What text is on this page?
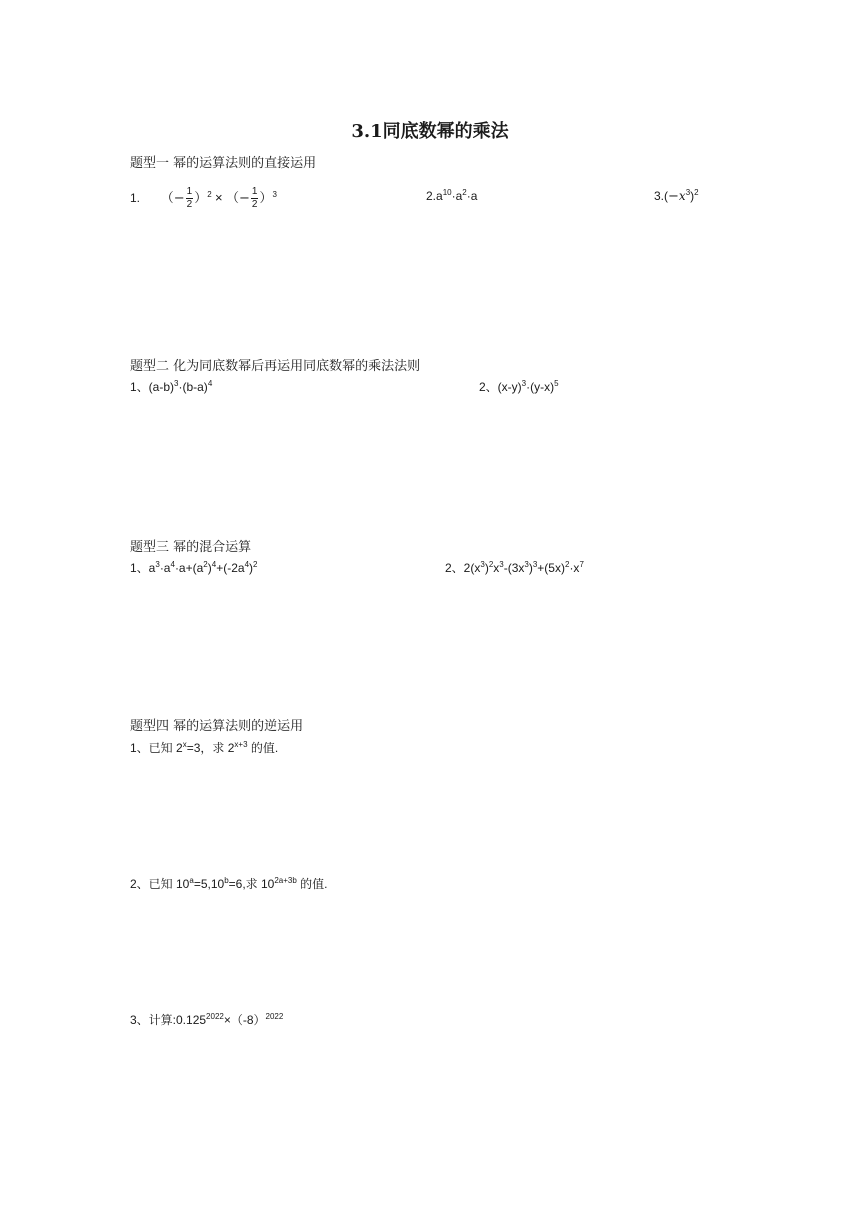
3.1同底数幂的乘法
题型一 幂的运算法则的直接运用
1. （− $\frac{1}{2} )^2$ × （− $\frac{1}{2} )^3$	$2.a^{10}\cdot a^2\cdot a$	$3.(-x^3)^2$
题型二 化为同底数幂后再运用同底数幂的乘法法则
1、$(a-b)^3\cdot(b-a)^4$	2、$(x-y)^3\cdot(y-x)^5$
题型三 幂的混合运算
1、$a^3\cdot a^4\cdot a+(a^2)^4+(-2a^4)^2$	2、$2(x^3)^2x^3-(3x^3)^3+(5x)^2\cdot x^7$
题型四 幂的运算法则的逆运用
1、已知 $2^x=3$，求 $2^{x+3}$ 的值.
2、已知 $10^a=5,10^b=6$,求 $10^{2a+3b}$ 的值.
3、计算$:0.125^{2022}\times(-8)^{2022}$
